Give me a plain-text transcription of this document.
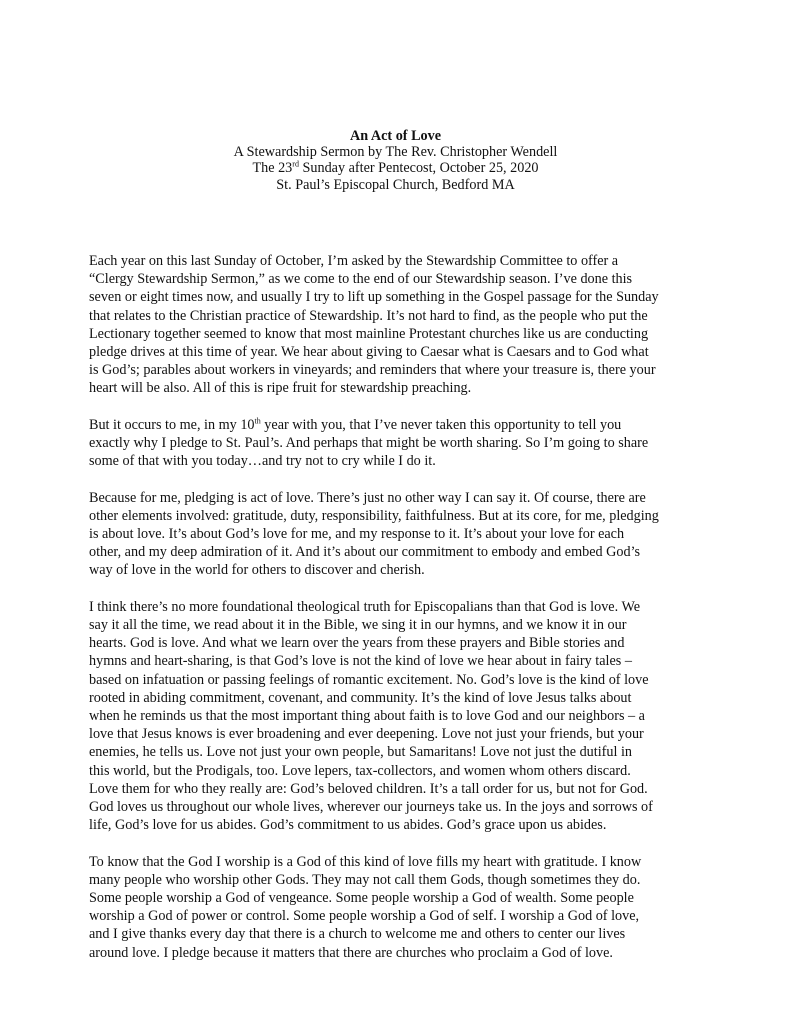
An Act of Love
A Stewardship Sermon by The Rev. Christopher Wendell
The 23rd Sunday after Pentecost, October 25, 2020
St. Paul’s Episcopal Church, Bedford MA

Each year on this last Sunday of October, I’m asked by the Stewardship Committee to offer a
“Clergy Stewardship Sermon,” as we come to the end of our Stewardship season. I’ve done this
seven or eight times now, and usually I try to lift up something in the Gospel passage for the Sunday
that relates to the Christian practice of Stewardship. It’s not hard to find, as the people who put the
Lectionary together seemed to know that most mainline Protestant churches like us are conducting
pledge drives at this time of year. We hear about giving to Caesar what is Caesars and to God what
is God’s; parables about workers in vineyards; and reminders that where your treasure is, there your
heart will be also. All of this is ripe fruit for stewardship preaching.

But it occurs to me, in my 10th year with you, that I’ve never taken this opportunity to tell you
exactly why I pledge to St. Paul’s. And perhaps that might be worth sharing. So I’m going to share
some of that with you today…and try not to cry while I do it.

Because for me, pledging is act of love. There’s just no other way I can say it. Of course, there are
other elements involved: gratitude, duty, responsibility, faithfulness. But at its core, for me, pledging
is about love. It’s about God’s love for me, and my response to it. It’s about your love for each
other, and my deep admiration of it. And it’s about our commitment to embody and embed God’s
way of love in the world for others to discover and cherish.

I think there’s no more foundational theological truth for Episcopalians than that God is love. We
say it all the time, we read about it in the Bible, we sing it in our hymns, and we know it in our
hearts. God is love. And what we learn over the years from these prayers and Bible stories and
hymns and heart-sharing, is that God’s love is not the kind of love we hear about in fairy tales –
based on infatuation or passing feelings of romantic excitement. No. God’s love is the kind of love
rooted in abiding commitment, covenant, and community. It’s the kind of love Jesus talks about
when he reminds us that the most important thing about faith is to love God and our neighbors – a
love that Jesus knows is ever broadening and ever deepening. Love not just your friends, but your
enemies, he tells us. Love not just your own people, but Samaritans! Love not just the dutiful in
this world, but the Prodigals, too. Love lepers, tax-collectors, and women whom others discard.
Love them for who they really are: God’s beloved children. It’s a tall order for us, but not for God.
God loves us throughout our whole lives, wherever our journeys take us. In the joys and sorrows of
life, God’s love for us abides. God’s commitment to us abides. God’s grace upon us abides.

To know that the God I worship is a God of this kind of love fills my heart with gratitude. I know
many people who worship other Gods. They may not call them Gods, though sometimes they do.
Some people worship a God of vengeance. Some people worship a God of wealth. Some people
worship a God of power or control. Some people worship a God of self. I worship a God of love,
and I give thanks every day that there is a church to welcome me and others to center our lives
around love. I pledge because it matters that there are churches who proclaim a God of love.
